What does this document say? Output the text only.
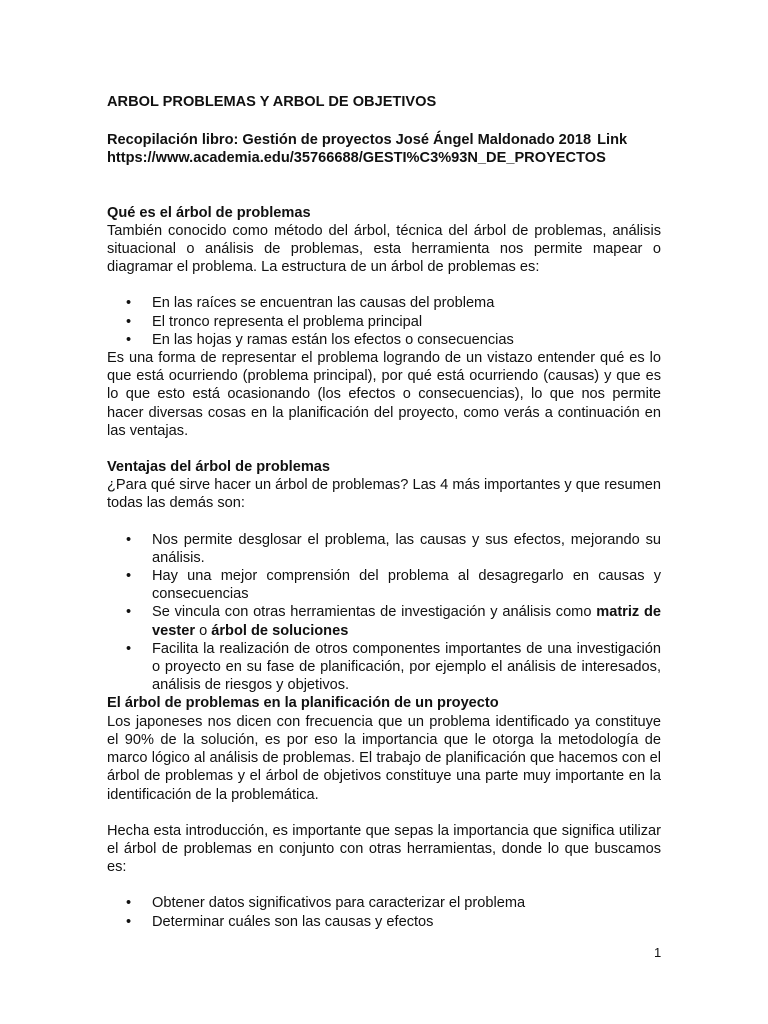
ARBOL PROBLEMAS Y ARBOL DE OBJETIVOS

Recopilación libro: Gestión de proyectos José Ángel Maldonado 2018 Link
https://www.academia.edu/35766688/GESTI%C3%93N_DE_PROYECTOS

Qué es el árbol de problemas

También conocido como método del árbol, técnica del árbol de problemas, análisis situacional o análisis de problemas, esta herramienta nos permite mapear o diagramar el problema. La estructura de un árbol de problemas es:

• En las raíces se encuentran las causas del problema
• El tronco representa el problema principal
• En las hojas y ramas están los efectos o consecuencias

Es una forma de representar el problema logrando de un vistazo entender qué es lo que está ocurriendo (problema principal), por qué está ocurriendo (causas) y que es lo que esto está ocasionando (los efectos o consecuencias), lo que nos permite hacer diversas cosas en la planificación del proyecto, como verás a continuación en las ventajas.

Ventajas del árbol de problemas

¿Para qué sirve hacer un árbol de problemas? Las 4 más importantes y que resumen todas las demás son:

• Nos permite desglosar el problema, las causas y sus efectos, mejorando su análisis.
• Hay una mejor comprensión del problema al desagregarlo en causas y consecuencias
• Se vincula con otras herramientas de investigación y análisis como matriz de vester o árbol de soluciones
• Facilita la realización de otros componentes importantes de una investigación o proyecto en su fase de planificación, por ejemplo el análisis de interesados, análisis de riesgos y objetivos.

El árbol de problemas en la planificación de un proyecto

Los japoneses nos dicen con frecuencia que un problema identificado ya constituye el 90% de la solución, es por eso la importancia que le otorga la metodología de marco lógico al análisis de problemas. El trabajo de planificación que hacemos con el árbol de problemas y el árbol de objetivos constituye una parte muy importante en la identificación de la problemática.

Hecha esta introducción, es importante que sepas la importancia que significa utilizar el árbol de problemas en conjunto con otras herramientas, donde lo que buscamos es:

• Obtener datos significativos para caracterizar el problema
• Determinar cuáles son las causas y efectos
1
